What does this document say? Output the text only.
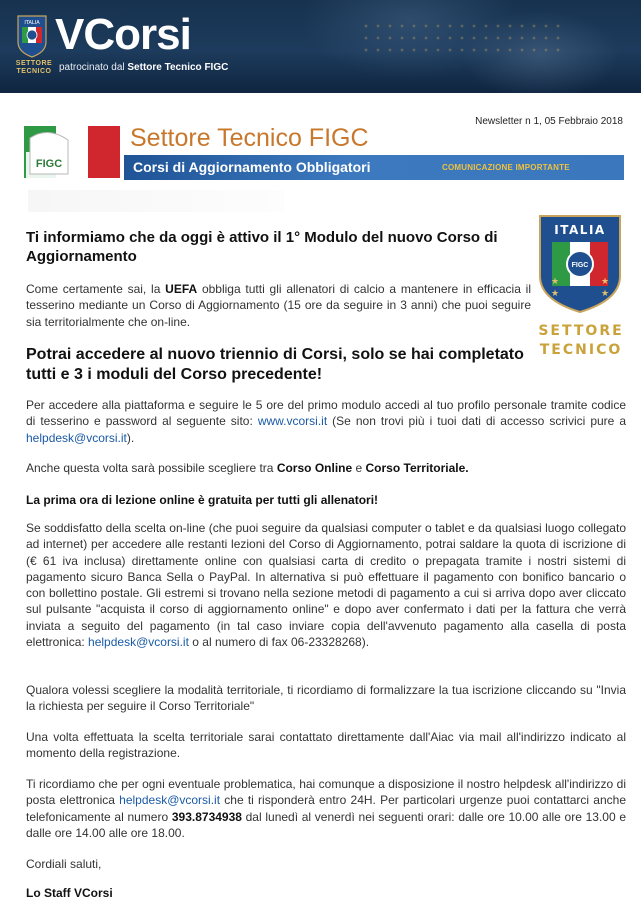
ITALIA
SETTORE TECNICO
VCorsi
patrocinato dal Settore Tecnico FIGC
Newsletter n 1, 05 Febbraio 2018
FIGC
Settore Tecnico FIGC
Corsi di Aggiornamento Obbligatori	COMUNICAZIONE IMPORTANTE
ITALIA
FIGC
★	★
★	★
SETTORE
TECNICO
Ti informiamo che da oggi è attivo il 1° Modulo del nuovo Corso di Aggiornamento
Come certamente sai, la UEFA obbliga tutti gli allenatori di calcio a mantenere in efficacia il tesserino mediante un Corso di Aggiornamento (15 ore da seguire in 3 anni) che puoi seguire sia territorialmente che on-line.
Potrai accedere al nuovo triennio di Corsi, solo se hai completato tutti e 3 i moduli del Corso precedente!
Per accedere alla piattaforma e seguire le 5 ore del primo modulo accedi al tuo profilo personale tramite codice di tesserino e password al seguente sito: www.vcorsi.it (Se non trovi più i tuoi dati di accesso scrivici pure a helpdesk@vcorsi.it).
Anche questa volta sarà possibile scegliere tra Corso Online e Corso Territoriale.
La prima ora di lezione online è gratuita per tutti gli allenatori!
Se soddisfatto della scelta on-line (che puoi seguire da qualsiasi computer o tablet e da qualsiasi luogo collegato ad internet) per accedere alle restanti lezioni del Corso di Aggiornamento, potrai saldare la quota di iscrizione di (€ 61 iva inclusa) direttamente online con qualsiasi carta di credito o prepagata tramite i nostri sistemi di pagamento sicuro Banca Sella o PayPal. In alternativa si può effettuare il pagamento con bonifico bancario o con bollettino postale. Gli estremi si trovano nella sezione metodi di pagamento a cui si arriva dopo aver cliccato sul pulsante "acquista il corso di aggiornamento online" e dopo aver confermato i dati per la fattura che verrà inviata a seguito del pagamento (in tal caso inviare copia dell'avvenuto pagamento alla casella di posta elettronica: helpdesk@vcorsi.it o al numero di fax 06-23328268).
Qualora volessi scegliere la modalità territoriale, ti ricordiamo di formalizzare la tua iscrizione cliccando su "Invia la richiesta per seguire il Corso Territoriale"
Una volta effettuata la scelta territoriale sarai contattato direttamente dall'Aiac via mail all'indirizzo indicato al momento della registrazione.
Ti ricordiamo che per ogni eventuale problematica, hai comunque a disposizione il nostro helpdesk all'indirizzo di posta elettronica helpdesk@vcorsi.it che ti risponderà entro 24H. Per particolari urgenze puoi contattarci anche telefonicamente al numero 393.8734938 dal lunedì al venerdì nei seguenti orari: dalle ore 10.00 alle ore 13.00 e dalle ore 14.00 alle ore 18.00.
Cordiali saluti,
Lo Staff VCorsi
